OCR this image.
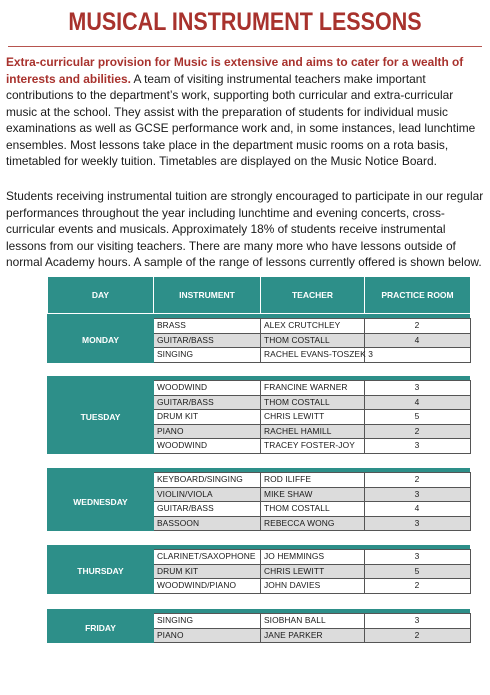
MUSICAL INSTRUMENT LESSONS
Extra-curricular provision for Music is extensive and aims to cater for a wealth of interests and abilities. A team of visiting instrumental teachers make important contributions to the department’s work, supporting both curricular and extra-curricular music at the school. They assist with the preparation of students for individual music examinations as well as GCSE performance work and, in some instances, lead lunchtime ensembles. Most lessons take place in the department music rooms on a rota basis, timetabled for weekly tuition. Timetables are displayed on the Music Notice Board.
Students receiving instrumental tuition are strongly encouraged to participate in our regular performances throughout the year including lunchtime and evening concerts, cross- curricular events and musicals. Approximately 18% of students receive instrumental lessons from our visiting teachers. There are many more who have lessons outside of normal Academy hours. A sample of the range of lessons currently offered is shown below.
DAY	INSTRUMENT	TEACHER	PRACTICE ROOM
MONDAY	BRASS	ALEX CRUTCHLEY	2
	GUITAR/BASS	THOM COSTALL	4
	SINGING	RACHEL EVANS-TOSZEK 3	
TUESDAY	WOODWIND	FRANCINE WARNER	3
	GUITAR/BASS	THOM COSTALL	4
	DRUM KIT	CHRIS LEWITT	5
	PIANO	RACHEL HAMILL	2
	WOODWIND	TRACEY FOSTER-JOY	3
WEDNESDAY	KEYBOARD/SINGING	ROD ILIFFE	2
	VIOLIN/VIOLA	MIKE SHAW	3
	GUITAR/BASS	THOM COSTALL	4
	BASSOON	REBECCA WONG	3
THURSDAY	CLARINET/SAXOPHONE	JO HEMMINGS	3
	DRUM KIT	CHRIS LEWITT	5
	WOODWIND/PIANO	JOHN DAVIES	2
FRIDAY	SINGING	SIOBHAN BALL	3
	PIANO	JANE PARKER	2
